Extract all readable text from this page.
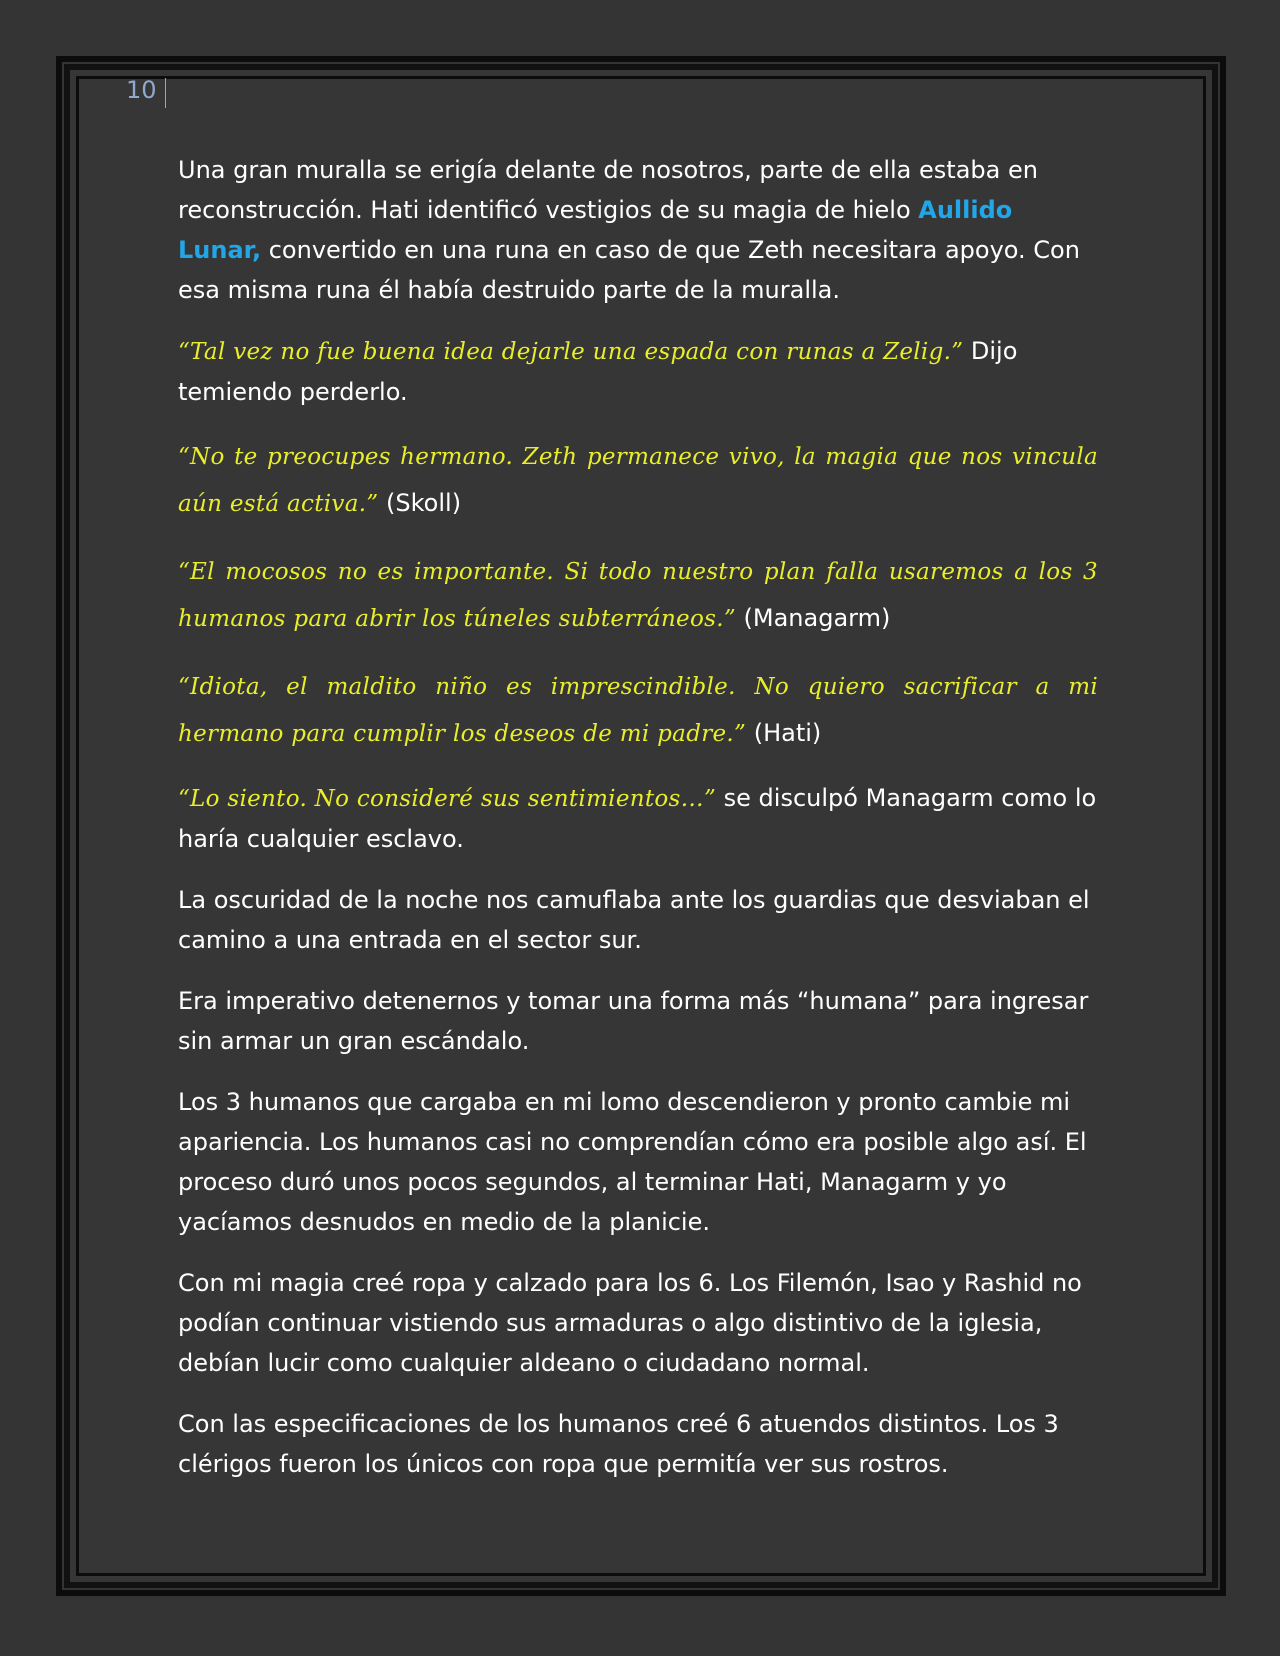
10

Una gran muralla se erigía delante de nosotros, parte de ella estaba en reconstrucción. Hati identificó vestigios de su magia de hielo Aullido Lunar, convertido en una runa en caso de que Zeth necesitara apoyo. Con esa misma runa él había destruido parte de la muralla.

“Tal vez no fue buena idea dejarle una espada con runas a Zelig.” Dijo temiendo perderlo.

“No te preocupes hermano. Zeth permanece vivo, la magia que nos vincula aún está activa.” (Skoll)

“El mocosos no es importante. Si todo nuestro plan falla usaremos a los 3 humanos para abrir los túneles subterráneos.” (Managarm)

“Idiota, el maldito niño es imprescindible. No quiero sacrificar a mi hermano para cumplir los deseos de mi padre.” (Hati)

“Lo siento. No consideré sus sentimientos…” se disculpó Managarm como lo haría cualquier esclavo.

La oscuridad de la noche nos camuflaba ante los guardias que desviaban el camino a una entrada en el sector sur.

Era imperativo detenernos y tomar una forma más “humana” para ingresar sin armar un gran escándalo.

Los 3 humanos que cargaba en mi lomo descendieron y pronto cambie mi apariencia. Los humanos casi no comprendían cómo era posible algo así. El proceso duró unos pocos segundos, al terminar Hati, Managarm y yo yacíamos desnudos en medio de la planicie.

Con mi magia creé ropa y calzado para los 6. Los Filemón, Isao y Rashid no podían continuar vistiendo sus armaduras o algo distintivo de la iglesia, debían lucir como cualquier aldeano o ciudadano normal.

Con las especificaciones de los humanos creé 6 atuendos distintos. Los 3 clérigos fueron los únicos con ropa que permitía ver sus rostros.
